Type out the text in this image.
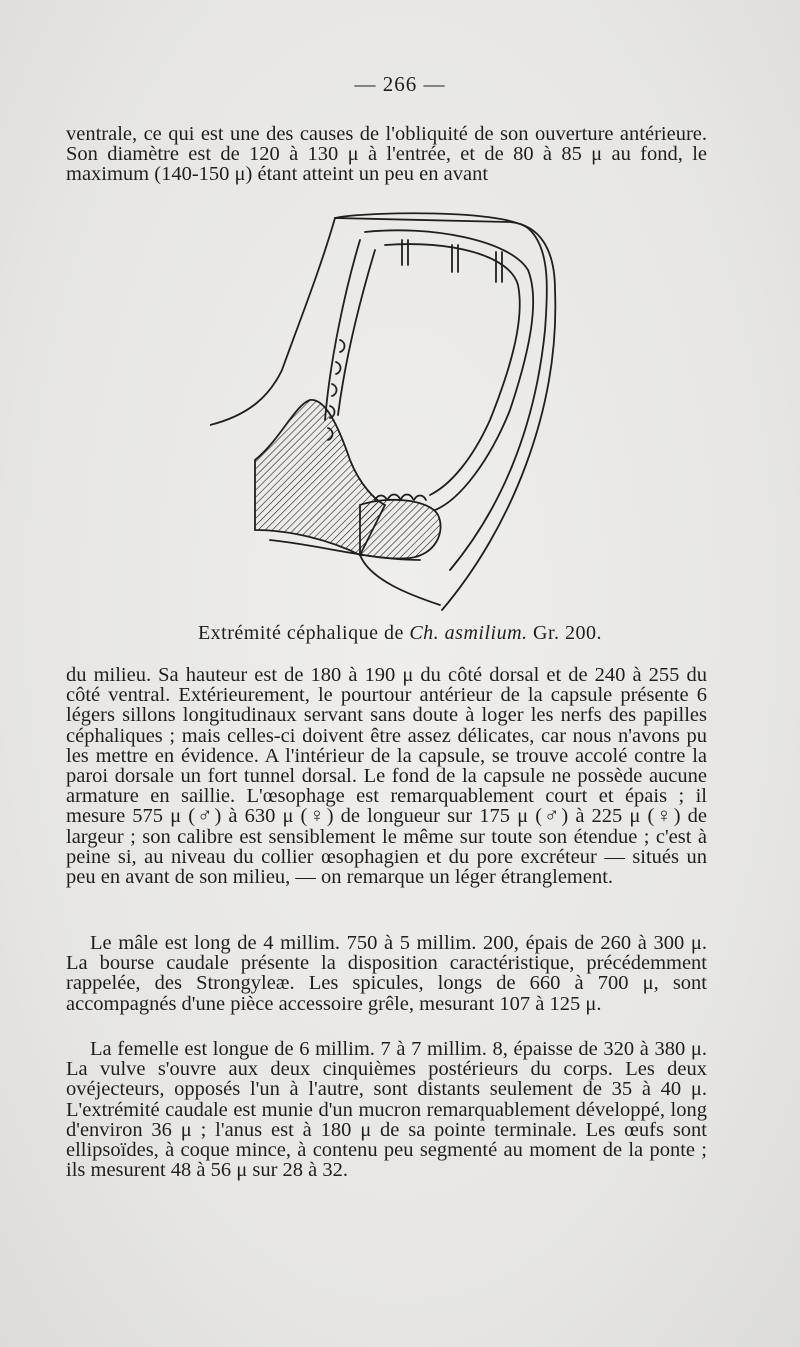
— 266 —
ventrale, ce qui est une des causes de l'obliquité de son ouverture antérieure. Son diamètre est de 120 à 130 μ à l'entrée, et de 80 à 85 μ au fond, le maximum (140-150 μ) étant atteint un peu en avant
Extrémité céphalique de Ch. asmilium. Gr. 200.
du milieu. Sa hauteur est de 180 à 190 μ du côté dorsal et de 240 à 255 du côté ventral. Extérieurement, le pourtour antérieur de la capsule présente 6 légers sillons longitudinaux servant sans doute à loger les nerfs des papilles céphaliques ; mais celles-ci doivent être assez délicates, car nous n'avons pu les mettre en évidence. A l'intérieur de la capsule, se trouve accolé contre la paroi dorsale un fort tunnel dorsal. Le fond de la capsule ne possède aucune armature en saillie. L'œsophage est remarquablement court et épais ; il mesure 575 μ (♂) à 630 μ (♀) de longueur sur 175 μ (♂) à 225 μ (♀) de largeur ; son calibre est sensiblement le même sur toute son étendue ; c'est à peine si, au niveau du collier œsophagien et du pore excréteur — situés un peu en avant de son milieu, — on remarque un léger étranglement.
Le mâle est long de 4 millim. 750 à 5 millim. 200, épais de 260 à 300 μ. La bourse caudale présente la disposition caractéristique, précédemment rappelée, des Strongyleæ. Les spicules, longs de 660 à 700 μ, sont accompagnés d'une pièce accessoire grêle, mesurant 107 à 125 μ.
La femelle est longue de 6 millim. 7 à 7 millim. 8, épaisse de 320 à 380 μ. La vulve s'ouvre aux deux cinquièmes postérieurs du corps. Les deux ovéjecteurs, opposés l'un à l'autre, sont distants seulement de 35 à 40 μ. L'extrémité caudale est munie d'un mucron remarquablement développé, long d'environ 36 μ ; l'anus est à 180 μ de sa pointe terminale. Les œufs sont ellipsoïdes, à coque mince, à contenu peu segmenté au moment de la ponte ; ils mesurent 48 à 56 μ sur 28 à 32.
